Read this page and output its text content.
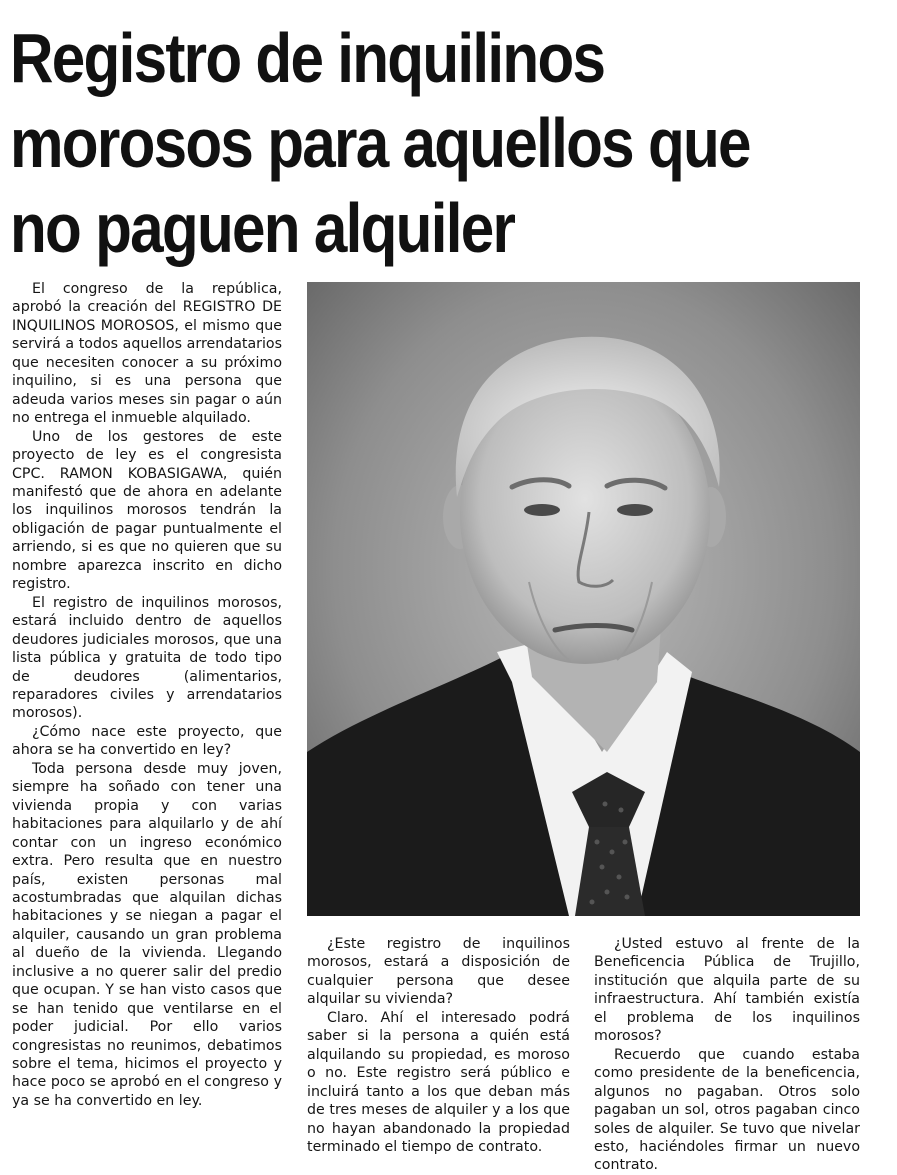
Registro de inquilinos
morosos para aquellos que
no paguen alquiler

El congreso de la república, aprobó la creación del REGISTRO DE INQUILINOS MOROSOS, el mismo que servirá a todos aquellos arrendatarios que necesiten conocer a su próximo inquilino, si es una persona que adeuda varios meses sin pagar o aún no entrega el inmueble alquilado.

Uno de los gestores de este proyecto de ley es el congresista CPC. RAMON KOBASIGAWA, quién manifestó que de ahora en adelante los inquilinos morosos tendrán la obligación de pagar puntualmente el arriendo, si es que no quieren que su nombre aparezca inscrito en dicho registro.

El registro de inquilinos morosos, estará incluido dentro de aquellos deudores judiciales morosos, que una lista pública y gratuita de todo tipo de deudores (alimentarios, reparadores civiles y arrendatarios morosos).

¿Cómo nace este proyecto, que ahora se ha convertido en ley?

Toda persona desde muy joven, siempre ha soñado con tener una vivienda propia y con varias habitaciones para alquilarlo y de ahí contar con un ingreso económico extra. Pero resulta que en nuestro país, existen personas mal acostumbradas que alquilan dichas habitaciones y se niegan a pagar el alquiler, causando un gran problema al dueño de la vivienda. Llegando inclusive a no querer salir del predio que ocupan. Y se han visto casos que se han tenido que ventilarse en el poder judicial. Por ello varios congresistas no reunimos, debatimos sobre el tema, hicimos el proyecto y hace poco se aprobó en el congreso y ya se ha convertido en ley.

¿Este registro de inquilinos morosos, estará a disposición de cualquier persona que desee alquilar su vivienda?

Claro. Ahí el interesado podrá saber si la persona a quién está alquilando su propiedad, es moroso o no. Este registro será público e incluirá tanto a los que deban más de tres meses de alquiler y a los que no hayan abandonado la propiedad terminado el tiempo de contrato.

¿Usted estuvo al frente de la Beneficencia Pública de Trujillo, institución que alquila parte de su infraestructura. Ahí también existía el problema de los inquilinos morosos?

Recuerdo que cuando estaba como presidente de la beneficencia, algunos no pagaban. Otros solo pagaban un sol, otros pagaban cinco soles de alquiler. Se tuvo que nivelar esto, haciéndoles firmar un nuevo contrato.
